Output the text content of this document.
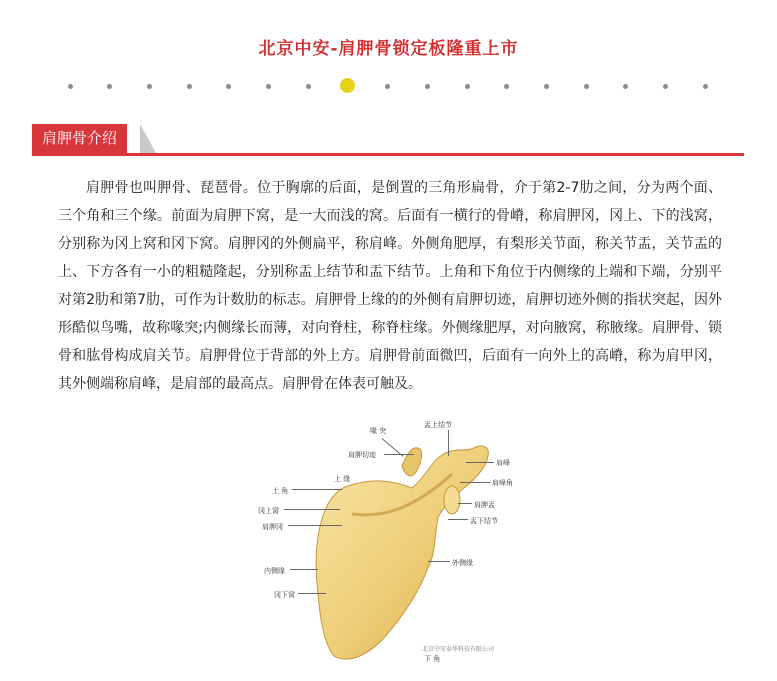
北京中安-肩胛骨锁定板隆重上市
肩胛骨介绍

肩胛骨也叫胛骨、琵琶骨。位于胸廓的后面，是倒置的三角形扁骨，介于第2-7肋之间，分为两个面、三个角和三个缘。前面为肩胛下窝，是一大而浅的窝。后面有一横行的骨嵴，称肩胛冈，冈上、下的浅窝，分别称为冈上窝和冈下窝。肩胛冈的外侧扁平，称肩峰。外侧角肥厚，有梨形关节面，称关节盂，关节盂的上、下方各有一小的粗糙隆起，分别称盂上结节和盂下结节。上角和下角位于内侧缘的上端和下端，分别平对第2肋和第7肋，可作为计数肋的标志。肩胛骨上缘的的外侧有肩胛切迹，肩胛切迹外侧的指状突起，因外形酷似鸟嘴，故称喙突;内侧缘长而薄，对向脊柱，称脊柱缘。外侧缘肥厚，对向腋窝，称腋缘。肩胛骨、锁骨和肱骨构成肩关节。肩胛骨位于背部的外上方。肩胛骨前面微凹，后面有一向外上的高嵴，称为肩甲冈，其外侧端称肩峰，是肩部的最高点。肩胛骨在体表可触及。

喙 突
盂上结节
肩胛切迹
肩峰
上 缘	肩峰角
上 角
肩胛盂
冈上窝
盂下结节
肩胛冈
外侧缘
内侧缘
冈下窝
下 角
北京中安泰华科技有限公司
